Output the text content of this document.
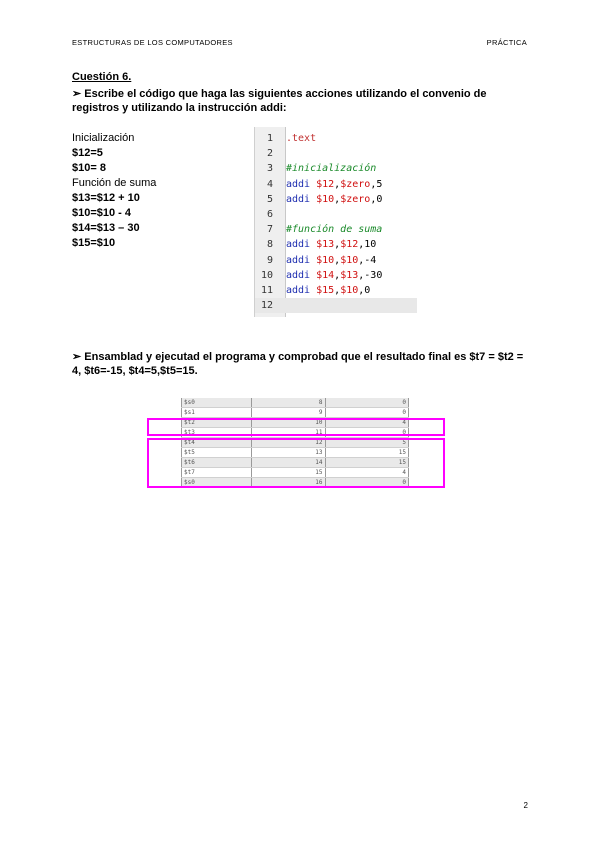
ESTRUCTURAS DE LOS COMPUTADORES	PRÁCTICA
Cuestión 6.
➢ Escribe el código que haga las siguientes acciones utilizando el convenio de registros y utilizando la instrucción addi:
Inicialización
$12=5
$10= 8
Función de suma
$13=$12 + 10
$10=$10 - 4
$14=$13 – 30
$15=$10
1 .text
2
3 #inicialización
4 addi $12,$zero,5
5 addi $10,$zero,0
6
7 #función de suma
8 addi $13,$12,10
9 addi $10,$10,-4
10 addi $14,$13,-30
11 addi $15,$10,0
12
➢ Ensamblad y ejecutad el programa y comprobad que el resultado final es $t7 = $t2 = 4, $t6=-15, $t4=5,$t5=15.
$s0	8	0
$s1	9	0
$t2	10	4
$t3	11	0
$t4	12	5
$t5	13	15
$t6	14	15
$t7	15	4
$s0	16	0
2
